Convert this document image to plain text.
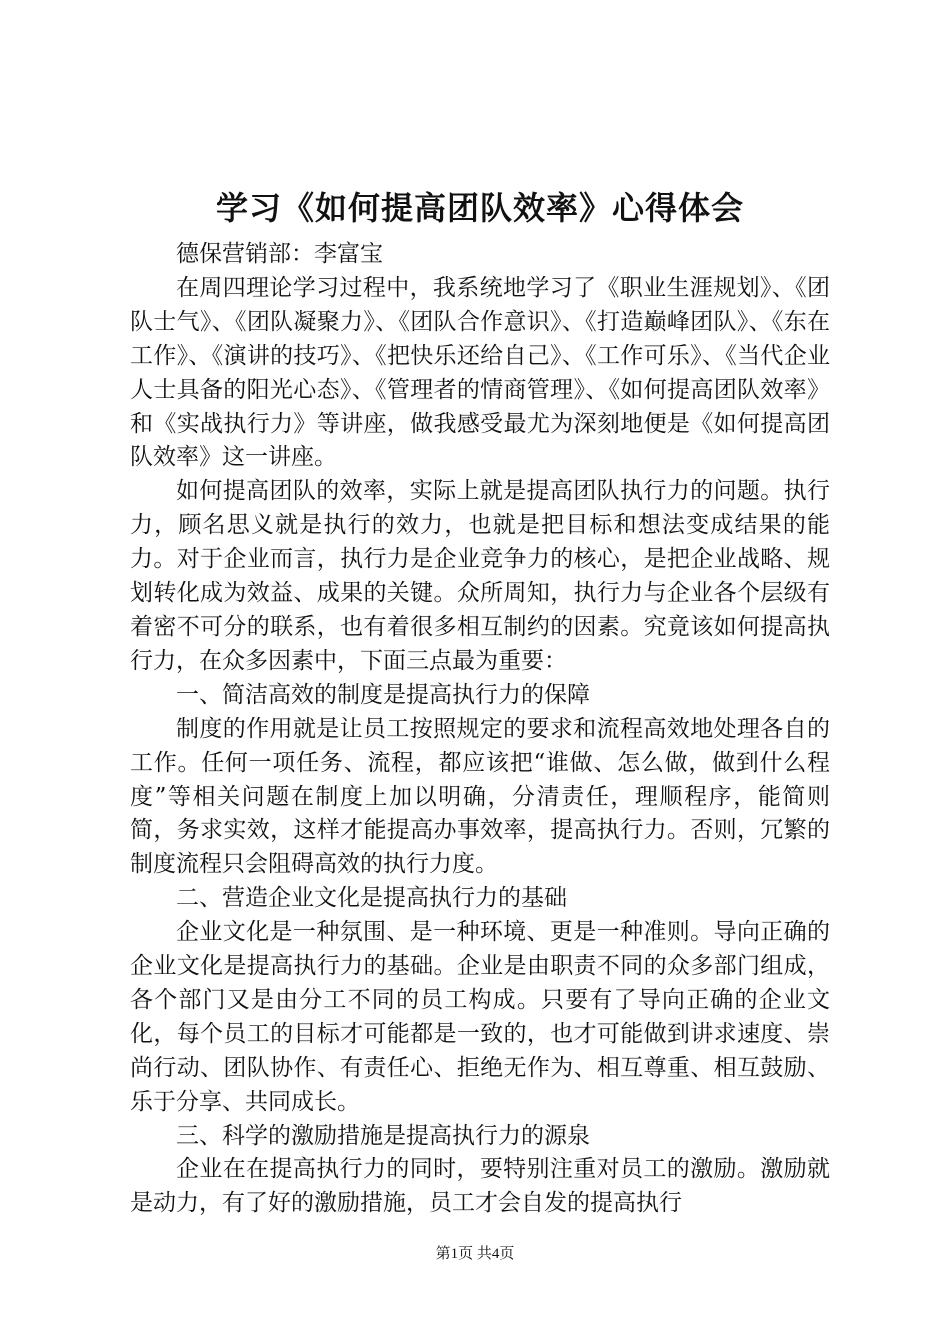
学习《如何提高团队效率》心得体会

德保营销部：李富宝

在周四理论学习过程中，我系统地学习了《职业生涯规划》、《团队士气》、《团队凝聚力》、《团队合作意识》、《打造巅峰团队》、《东在工作》、《演讲的技巧》、《把快乐还给自己》、《工作可乐》、《当代企业人士具备的阳光心态》、《管理者的情商管理》、《如何提高团队效率》和《实战执行力》等讲座，做我感受最尤为深刻地便是《如何提高团队效率》这一讲座。

如何提高团队的效率，实际上就是提高团队执行力的问题。执行力，顾名思义就是执行的效力，也就是把目标和想法变成结果的能力。对于企业而言，执行力是企业竞争力的核心，是把企业战略、规划转化成为效益、成果的关键。众所周知，执行力与企业各个层级有着密不可分的联系，也有着很多相互制约的因素。究竟该如何提高执行力，在众多因素中，下面三点最为重要：

一、简洁高效的制度是提高执行力的保障

制度的作用就是让员工按照规定的要求和流程高效地处理各自的工作。任何一项任务、流程，都应该把“谁做、怎么做，做到什么程度”等相关问题在制度上加以明确，分清责任，理顺程序，能简则简，务求实效，这样才能提高办事效率，提高执行力。否则，冗繁的制度流程只会阻碍高效的执行力度。

二、营造企业文化是提高执行力的基础

企业文化是一种氛围、是一种环境、更是一种准则。导向正确的企业文化是提高执行力的基础。企业是由职责不同的众多部门组成，各个部门又是由分工不同的员工构成。只要有了导向正确的企业文化，每个员工的目标才可能都是一致的，也才可能做到讲求速度、崇尚行动、团队协作、有责任心、拒绝无作为、相互尊重、相互鼓励、乐于分享、共同成长。

三、科学的激励措施是提高执行力的源泉

企业在在提高执行力的同时，要特别注重对员工的激励。激励就是动力，有了好的激励措施，员工才会自发的提高执行

第1页 共4页
